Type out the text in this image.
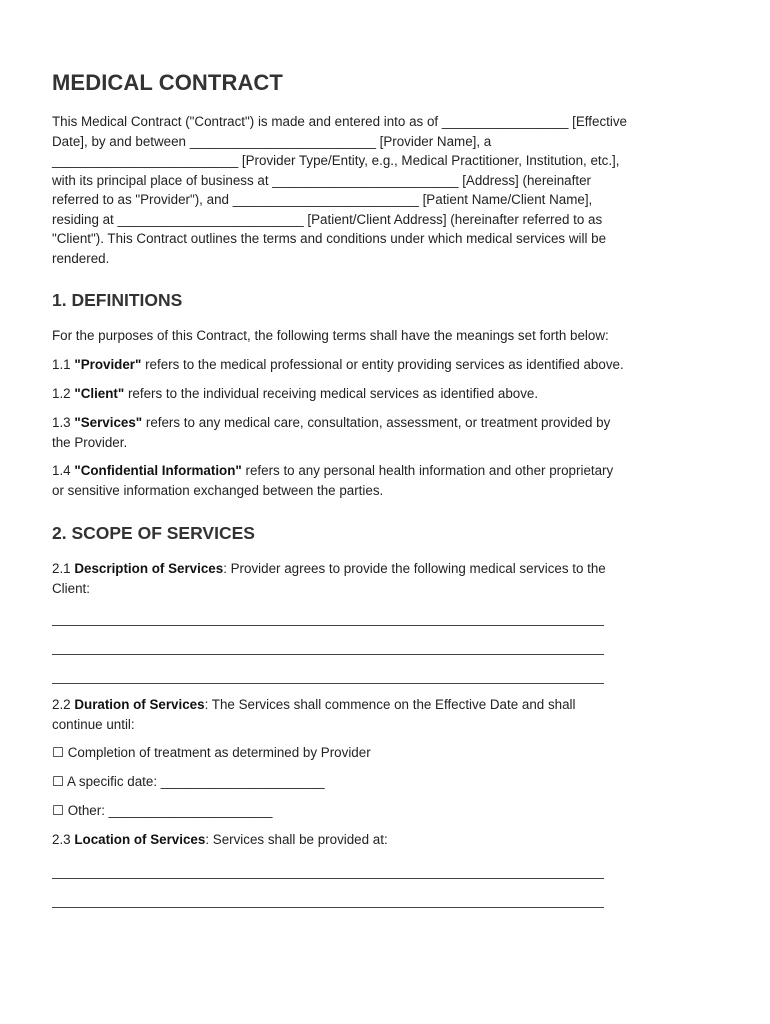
MEDICAL CONTRACT
This Medical Contract ("Contract") is made and entered into as of _________________ [Effective
Date], by and between _________________________ [Provider Name], a
_________________________ [Provider Type/Entity, e.g., Medical Practitioner, Institution, etc.],
with its principal place of business at _________________________ [Address] (hereinafter
referred to as "Provider"), and _________________________ [Patient Name/Client Name],
residing at _________________________ [Patient/Client Address] (hereinafter referred to as
"Client"). This Contract outlines the terms and conditions under which medical services will be
rendered.
1. DEFINITIONS
For the purposes of this Contract, the following terms shall have the meanings set forth below:
1.1 "Provider" refers to the medical professional or entity providing services as identified above.
1.2 "Client" refers to the individual receiving medical services as identified above.
1.3 "Services" refers to any medical care, consultation, assessment, or treatment provided by
the Provider.
1.4 "Confidential Information" refers to any personal health information and other proprietary
or sensitive information exchanged between the parties.
2. SCOPE OF SERVICES
2.1 Description of Services: Provider agrees to provide the following medical services to the
Client:
2.2 Duration of Services: The Services shall commence on the Effective Date and shall
continue until:
☐ Completion of treatment as determined by Provider
☐ A specific date: ______________________
☐ Other: ______________________
2.3 Location of Services: Services shall be provided at:
